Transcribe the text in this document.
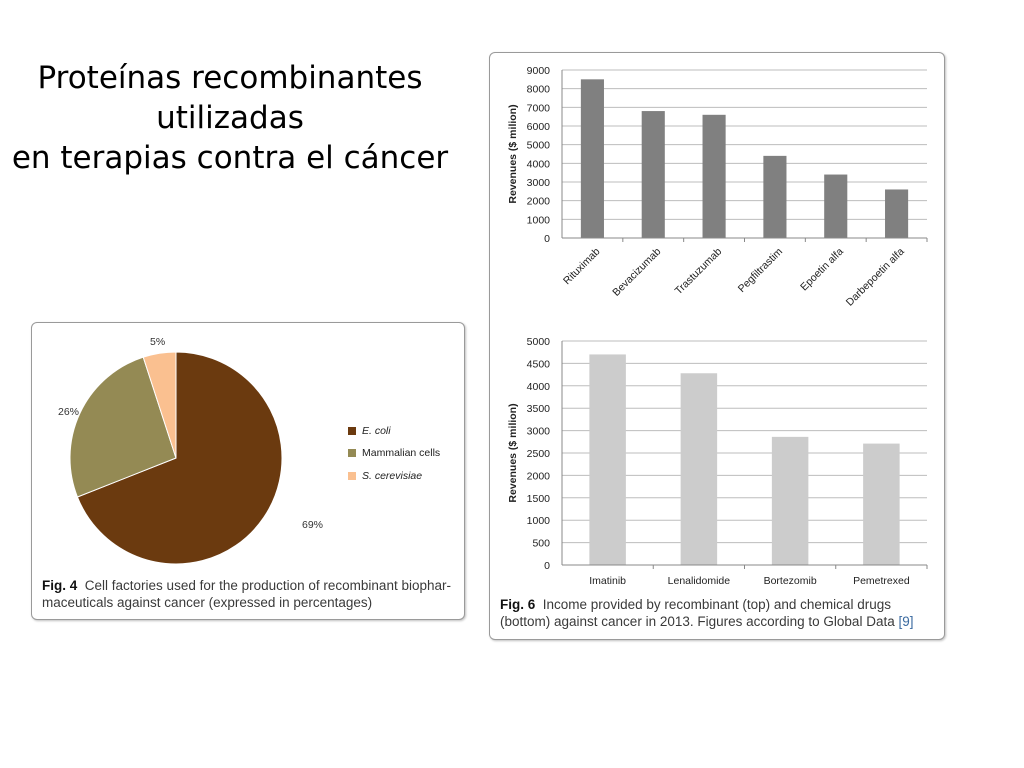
Proteínas recombinantes
utilizadas
en terapias contra el cáncer
69%
26%
5%
E. coli
Mammalian cells
S. cerevisiae
Fig. 4 Cell factories used for the production of recombinant biophar-
maceuticals against cancer (expressed in percentages)
0
1000
2000
3000
4000
5000
6000
7000
8000
9000
Rituximab Bevacizumab Trastuzumab Pegfiltrastim Epoetin alfa
Darbepoetin alfa
Revenues ($ milion)
0
500
1000
1500
2000
2500
3000
3500
4000
4500
5000
Imatinib	Lenalidomide	Bortezomib	Pemetrexed
Revenues ($ milion)
Fig. 6 Income provided by recombinant (top) and chemical drugs
(bottom) against cancer in 2013. Figures according to Global Data [9]
